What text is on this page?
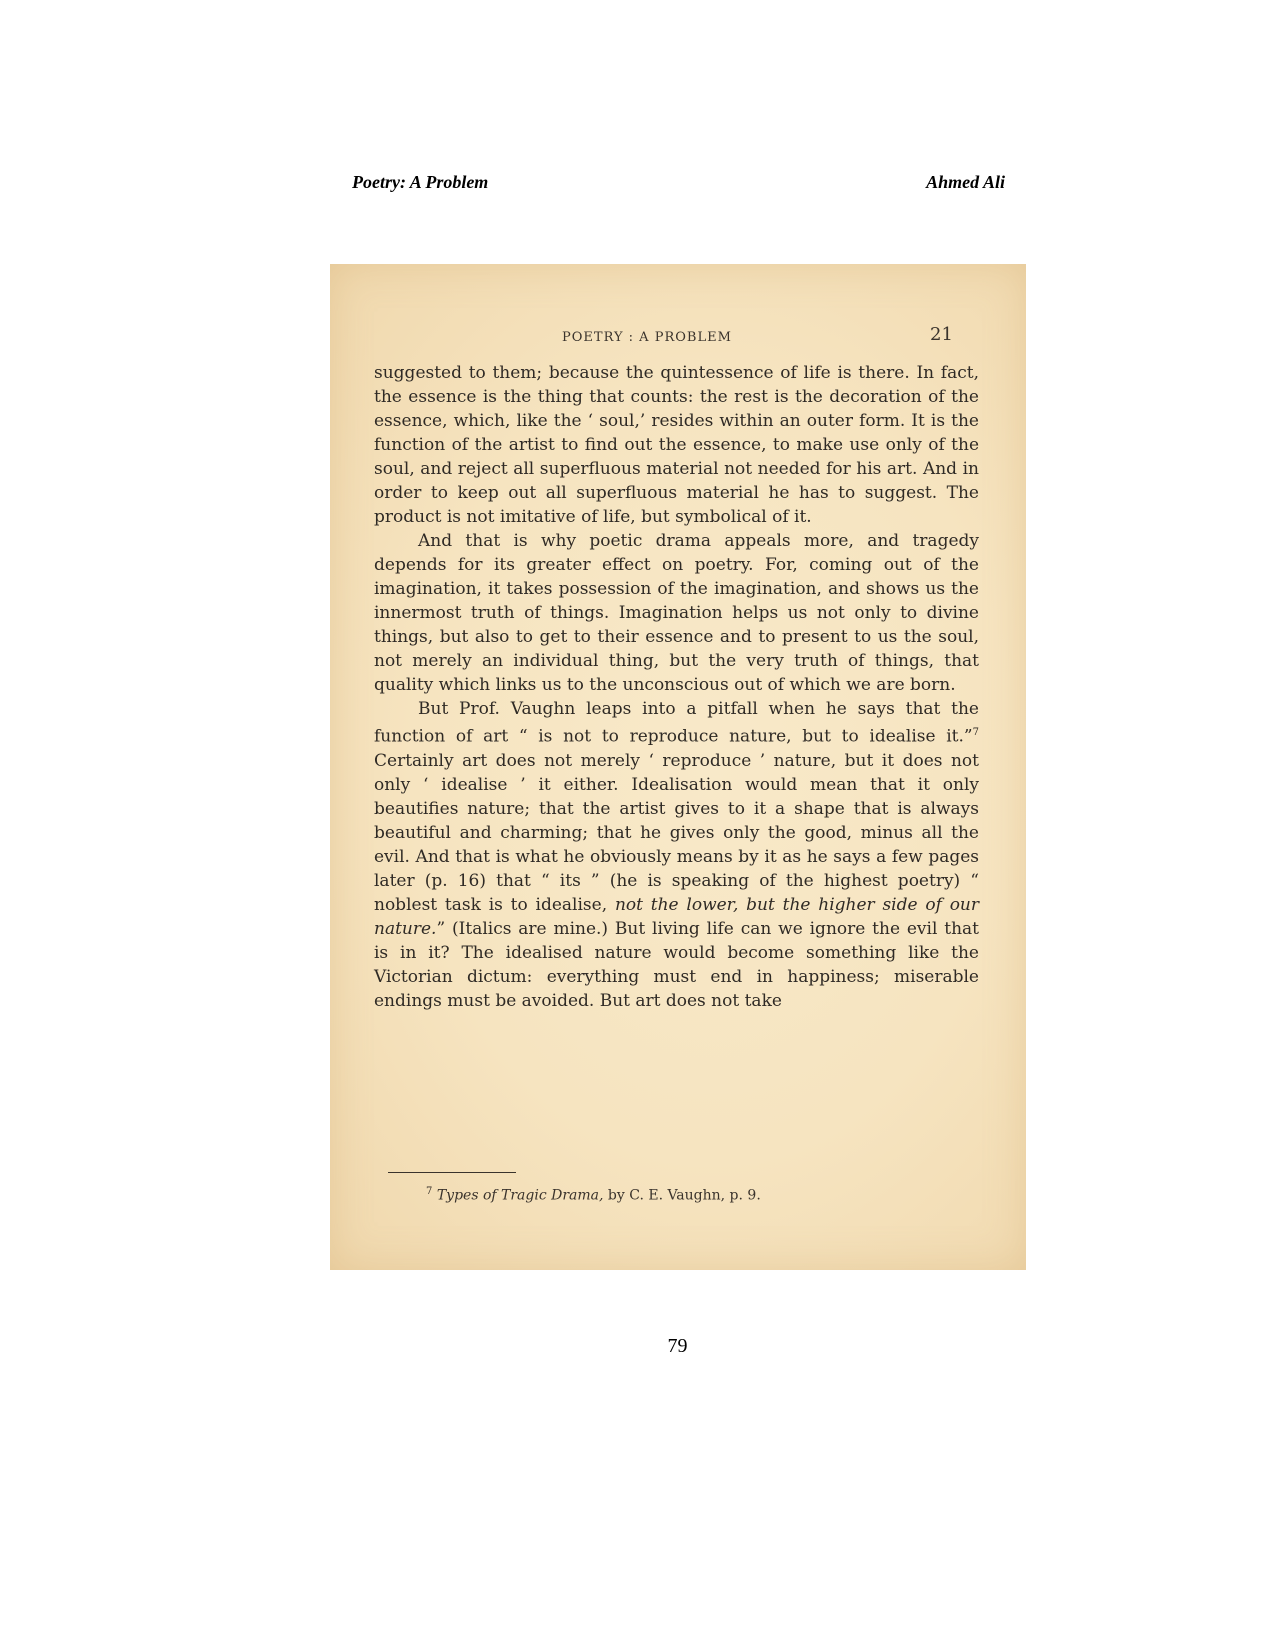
Poetry: A Problem	Ahmed Ali
POETRY : A PROBLEM	21

suggested to them; because the quintessence of life is there. In fact, the essence is the thing that counts: the rest is the decoration of the essence, which, like the ‘ soul,’ resides within an outer form. It is the function of the artist to find out the essence, to make use only of the soul, and reject all superfluous material not needed for his art. And in order to keep out all superfluous material he has to suggest. The product is not imitative of life, but symbolical of it.

And that is why poetic drama appeals more, and tragedy depends for its greater effect on poetry. For, coming out of the imagination, it takes possession of the imagination, and shows us the innermost truth of things. Imagination helps us not only to divine things, but also to get to their essence and to present to us the soul, not merely an individual thing, but the very truth of things, that quality which links us to the unconscious out of which we are born.

But Prof. Vaughn leaps into a pitfall when he says that the function of art “ is not to reproduce nature, but to idealise it.”$^7$ Certainly art does not merely ‘ reproduce ’ nature, but it does not only ‘ idealise ’ it either. Idealisation would mean that it only beautifies nature; that the artist gives to it a shape that is always beautiful and charming; that he gives only the good, minus all the evil. And that is what he obviously means by it as he says a few pages later (p. 16) that “ its ” (he is speaking of the highest poetry) “ noblest task is to idealise, not the lower, but the higher side of our nature.” (Italics are mine.) But living life can we ignore the evil that is in it? The idealised nature would become something like the Victorian dictum: everything must end in happiness; miserable endings must be avoided. But art does not take

$^7$ Types of Tragic Drama, by C. E. Vaughn, p. 9.
79
